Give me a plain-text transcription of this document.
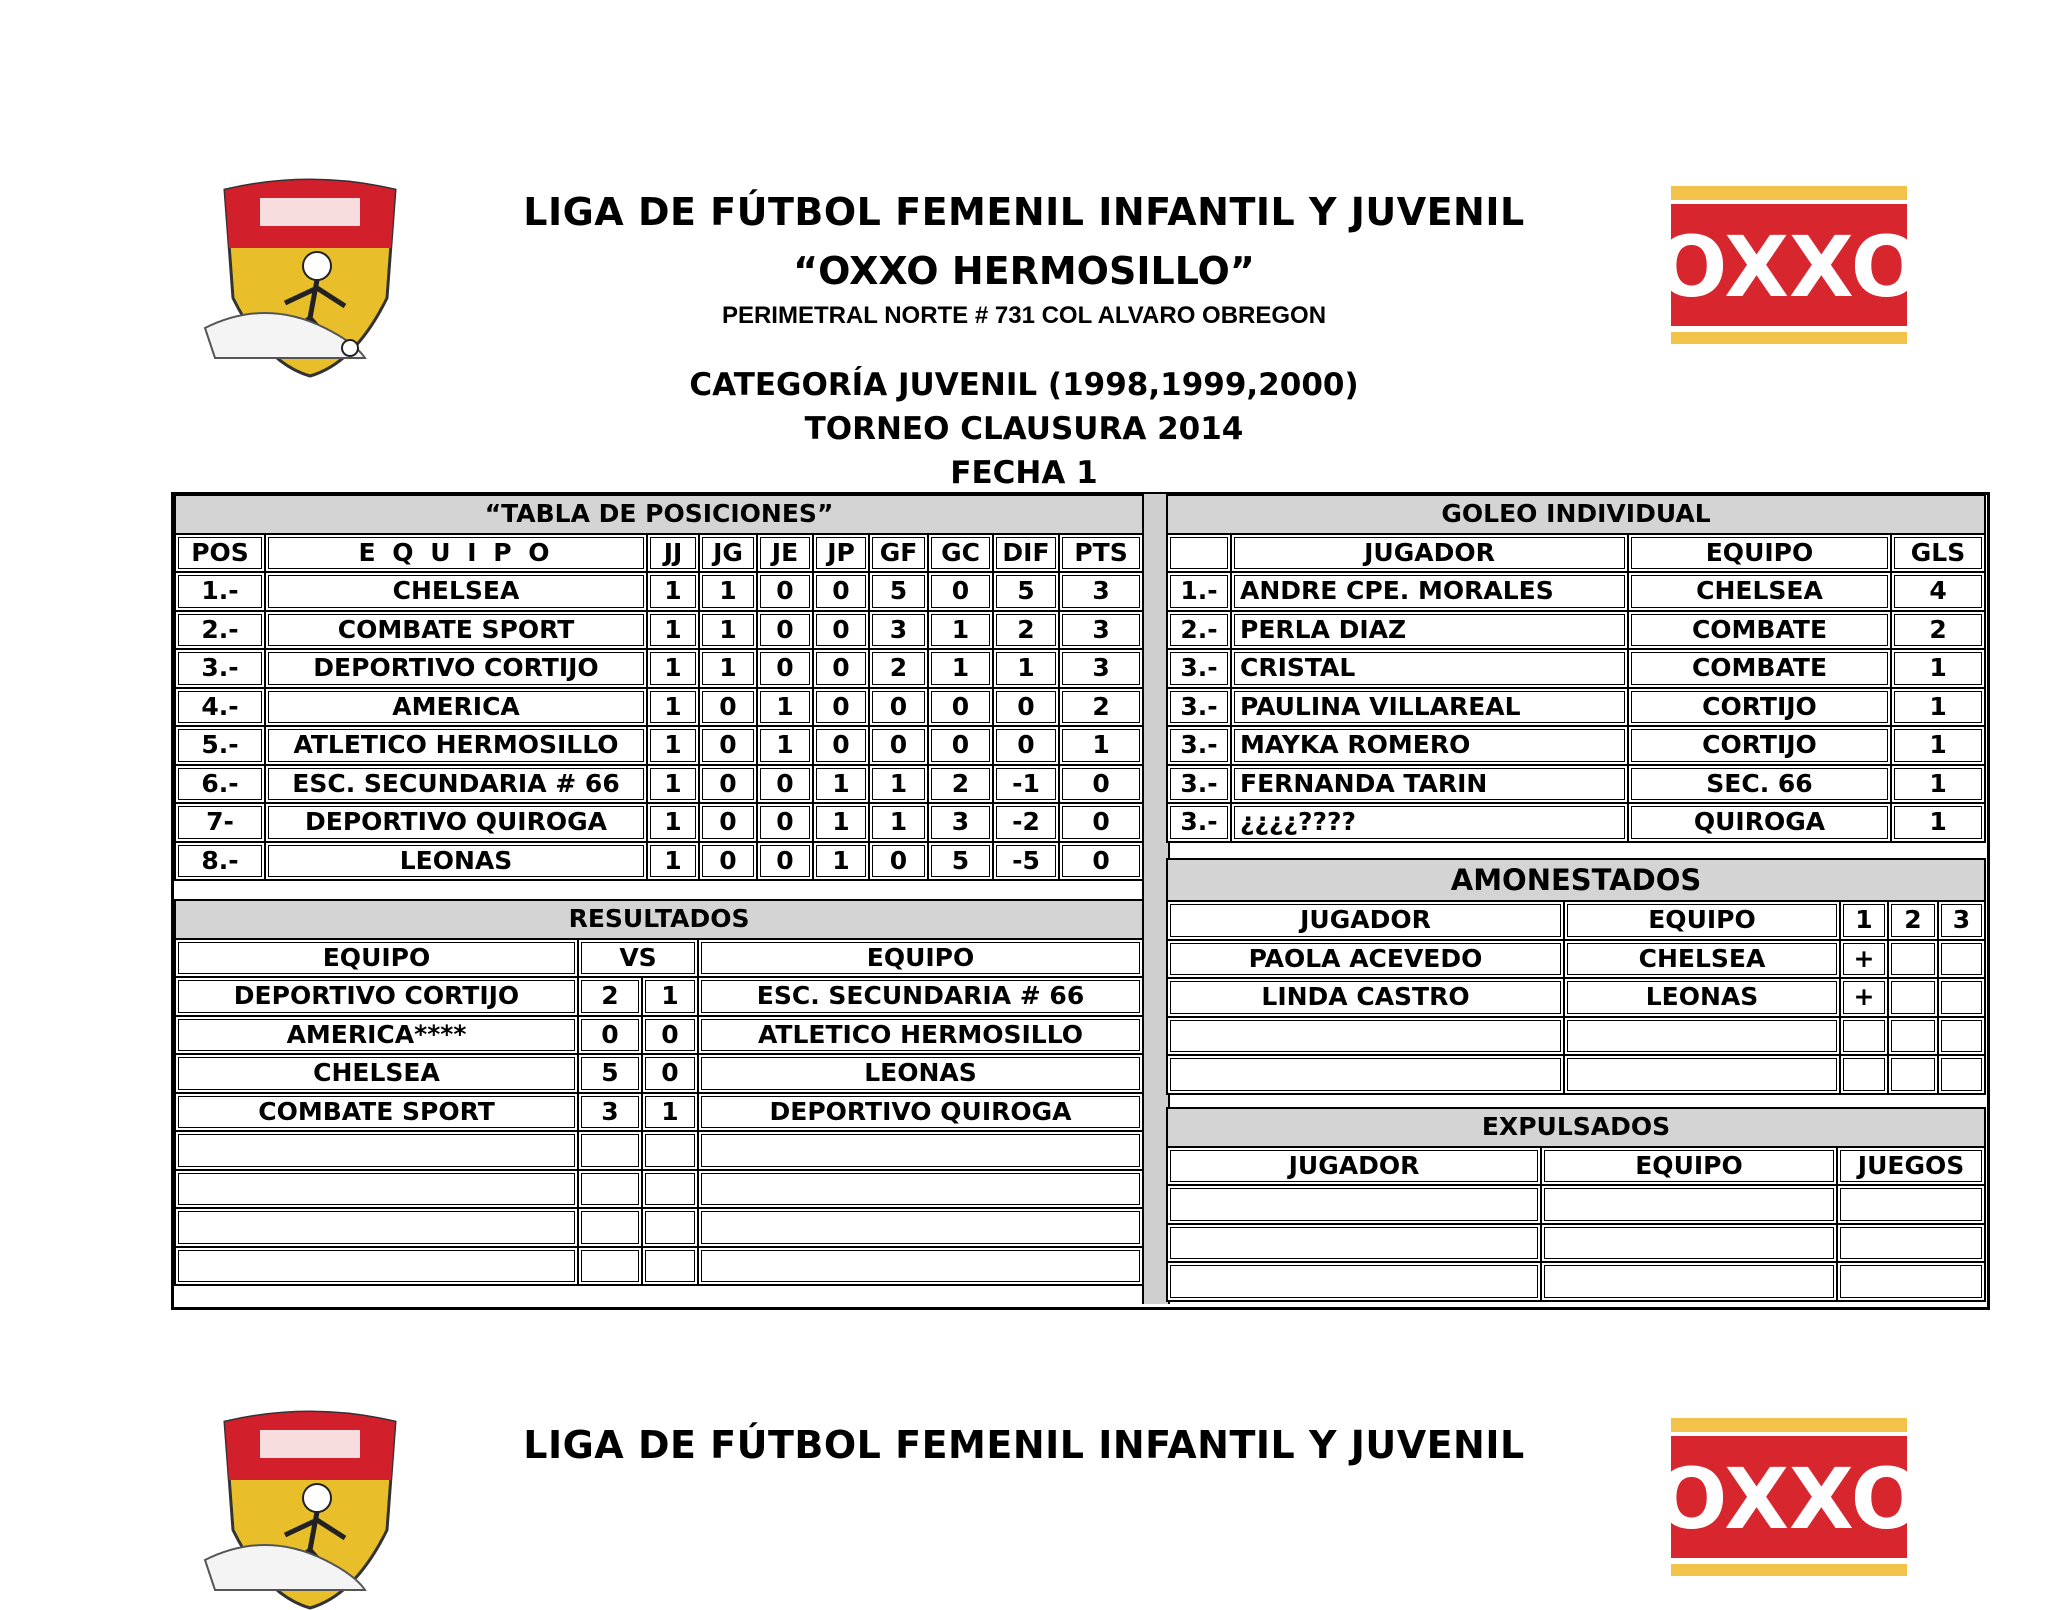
OXXO
LIGA DE FÚTBOL FEMENIL INFANTIL Y JUVENIL
“OXXO HERMOSILLO”
PERIMETRAL NORTE # 731 COL ALVARO OBREGON
CATEGORÍA JUVENIL (1998,1999,2000)
TORNEO CLAUSURA 2014
FECHA 1
“TABLA DE POSICIONES”									
POS	E Q U I P O	JJ	JG	JE	JP	GF	GC	DIF	PTS
1.-	CHELSEA	1	1	0	0	5	0	5	3
2.-	COMBATE SPORT	1	1	0	0	3	1	2	3
3.-	DEPORTIVO CORTIJO	1	1	0	0	2	1	1	3
4.-	AMERICA	1	0	1	0	0	0	0	2
5.-	ATLETICO HERMOSILLO	1	0	1	0	0	0	0	1
6.-	ESC. SECUNDARIA # 66	1	0	0	1	1	2	-1	0
7-	DEPORTIVO QUIROGA	1	0	0	1	1	3	-2	0
8.-	LEONAS	1	0	0	1	0	5	-5	0
GOLEO INDIVIDUAL			
	JUGADOR	EQUIPO	GLS
1.-	ANDRE CPE. MORALES	CHELSEA	4
2.-	PERLA DIAZ	COMBATE	2
3.-	CRISTAL	COMBATE	1
3.-	PAULINA VILLAREAL	CORTIJO	1
3.-	MAYKA ROMERO	CORTIJO	1
3.-	FERNANDA TARIN	SEC. 66	1
3.-	¿¿¿¿????	QUIROGA	1
RESULTADOS			
EQUIPO	VS		EQUIPO
DEPORTIVO CORTIJO	2	1	ESC. SECUNDARIA # 66
AMERICA****	0	0	ATLETICO HERMOSILLO
CHELSEA	5	0	LEONAS
COMBATE SPORT	3	1	DEPORTIVO QUIROGA

AMONESTADOS				
JUGADOR	EQUIPO	1	2	3
PAOLA ACEVEDO	CHELSEA	+		
LINDA CASTRO	LEONAS	+		

EXPULSADOS		
JUGADOR	EQUIPO	JUEGOS

OXXO
LIGA DE FÚTBOL FEMENIL INFANTIL Y JUVENIL
